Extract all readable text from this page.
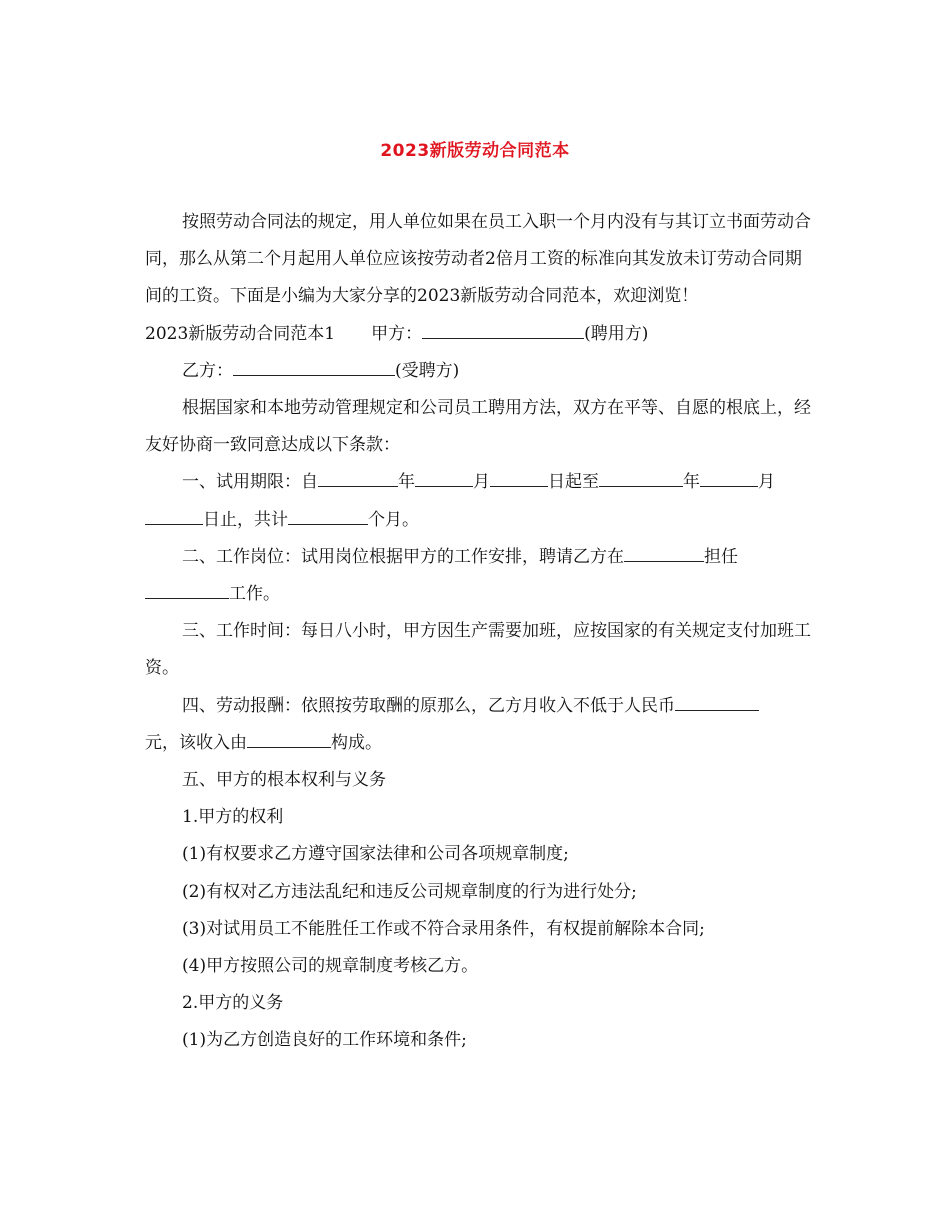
2023新版劳动合同范本

按照劳动合同法的规定，用人单位如果在员工入职一个月内没有与其订立书面劳动合同，那么从第二个月起用人单位应该按劳动者2倍月工资的标准向其发放未订劳动合同期间的工资。下面是小编为大家分享的2023新版劳动合同范本，欢迎浏览！

2023新版劳动合同范本1 甲方：	(聘用方)

乙方：	(受聘方)

根据国家和本地劳动管理规定和公司员工聘用方法，双方在平等、自愿的根底上，经友好协商一致同意达成以下条款：

一、试用期限：自	年	月	日起至	年	月
日止，共计	个月。

二、工作岗位：试用岗位根据甲方的工作安排，聘请乙方在	担任
工作。

三、工作时间：每日八小时，甲方因生产需要加班，应按国家的有关规定支付加班工资。

四、劳动报酬：依照按劳取酬的原那么，乙方月收入不低于人民币
元，该收入由	构成。

五、甲方的根本权利与义务

1.甲方的权利

(1)有权要求乙方遵守国家法律和公司各项规章制度;

(2)有权对乙方违法乱纪和违反公司规章制度的行为进行处分;

(3)对试用员工不能胜任工作或不符合录用条件，有权提前解除本合同;

(4)甲方按照公司的规章制度考核乙方。

2.甲方的义务

(1)为乙方创造良好的工作环境和条件;
